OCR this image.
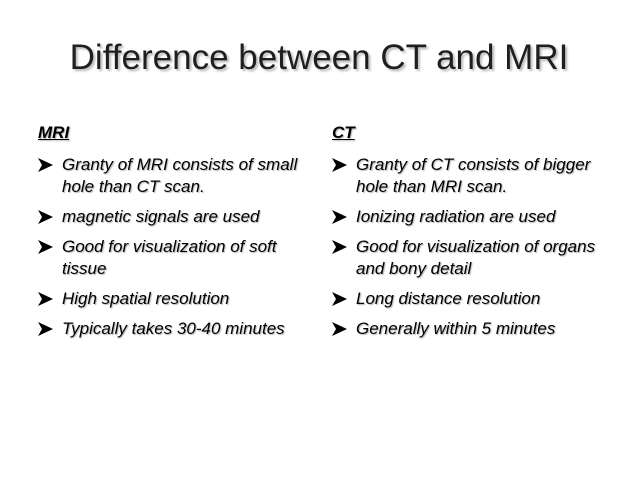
Difference between CT and MRI
MRI
Granty of MRI consists of small hole than CT scan.
magnetic signals are used
Good for visualization of soft tissue
High spatial resolution
Typically takes 30-40 minutes
CT
Granty of CT consists of bigger hole than MRI scan.
Ionizing radiation are used
Good for visualization of organs and bony detail
Long distance resolution
Generally within 5 minutes
